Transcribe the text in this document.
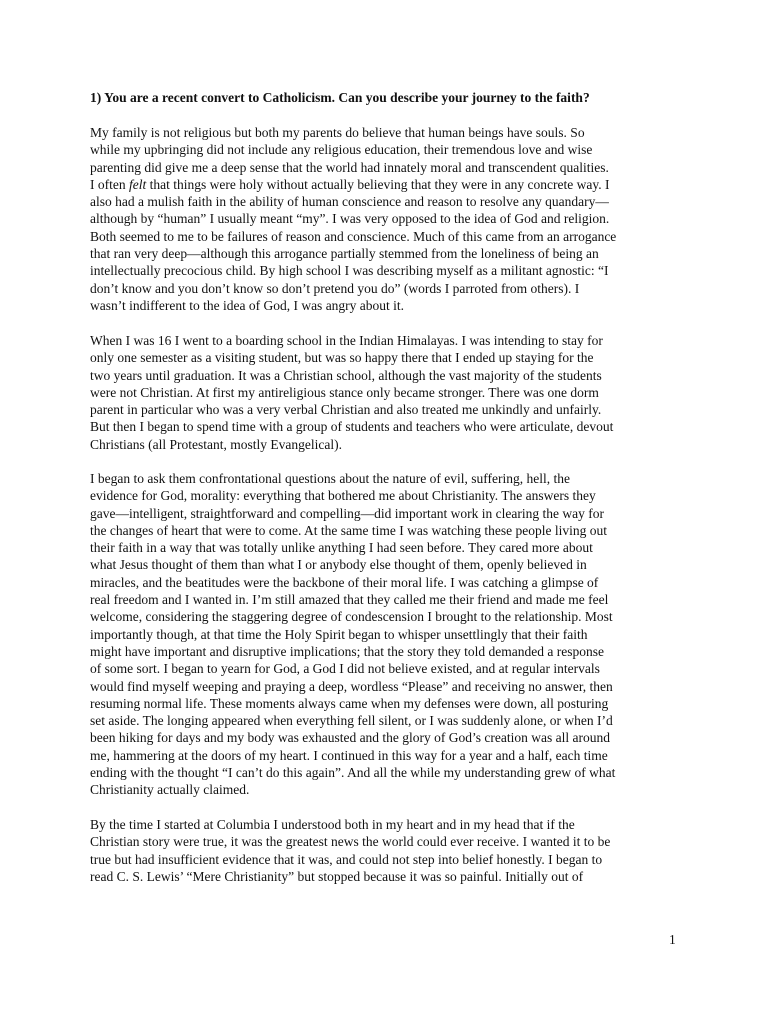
1) You are a recent convert to Catholicism. Can you describe your journey to the faith?
My family is not religious but both my parents do believe that human beings have souls. So
while my upbringing did not include any religious education, their tremendous love and wise
parenting did give me a deep sense that the world had innately moral and transcendent qualities.
I often felt that things were holy without actually believing that they were in any concrete way. I
also had a mulish faith in the ability of human conscience and reason to resolve any quandary—
although by “human” I usually meant “my”. I was very opposed to the idea of God and religion.
Both seemed to me to be failures of reason and conscience. Much of this came from an arrogance
that ran very deep—although this arrogance partially stemmed from the loneliness of being an
intellectually precocious child. By high school I was describing myself as a militant agnostic: “I
don’t know and you don’t know so don’t pretend you do” (words I parroted from others). I
wasn’t indifferent to the idea of God, I was angry about it.
When I was 16 I went to a boarding school in the Indian Himalayas. I was intending to stay for
only one semester as a visiting student, but was so happy there that I ended up staying for the
two years until graduation. It was a Christian school, although the vast majority of the students
were not Christian. At first my antireligious stance only became stronger. There was one dorm
parent in particular who was a very verbal Christian and also treated me unkindly and unfairly.
But then I began to spend time with a group of students and teachers who were articulate, devout
Christians (all Protestant, mostly Evangelical).
I began to ask them confrontational questions about the nature of evil, suffering, hell, the
evidence for God, morality: everything that bothered me about Christianity. The answers they
gave—intelligent, straightforward and compelling—did important work in clearing the way for
the changes of heart that were to come. At the same time I was watching these people living out
their faith in a way that was totally unlike anything I had seen before. They cared more about
what Jesus thought of them than what I or anybody else thought of them, openly believed in
miracles, and the beatitudes were the backbone of their moral life. I was catching a glimpse of
real freedom and I wanted in. I’m still amazed that they called me their friend and made me feel
welcome, considering the staggering degree of condescension I brought to the relationship. Most
importantly though, at that time the Holy Spirit began to whisper unsettlingly that their faith
might have important and disruptive implications; that the story they told demanded a response
of some sort. I began to yearn for God, a God I did not believe existed, and at regular intervals
would find myself weeping and praying a deep, wordless “Please” and receiving no answer, then
resuming normal life. These moments always came when my defenses were down, all posturing
set aside. The longing appeared when everything fell silent, or I was suddenly alone, or when I’d
been hiking for days and my body was exhausted and the glory of God’s creation was all around
me, hammering at the doors of my heart. I continued in this way for a year and a half, each time
ending with the thought “I can’t do this again”. And all the while my understanding grew of what
Christianity actually claimed.
By the time I started at Columbia I understood both in my heart and in my head that if the
Christian story were true, it was the greatest news the world could ever receive. I wanted it to be
true but had insufficient evidence that it was, and could not step into belief honestly. I began to
read C. S. Lewis’ “Mere Christianity” but stopped because it was so painful. Initially out of
1
